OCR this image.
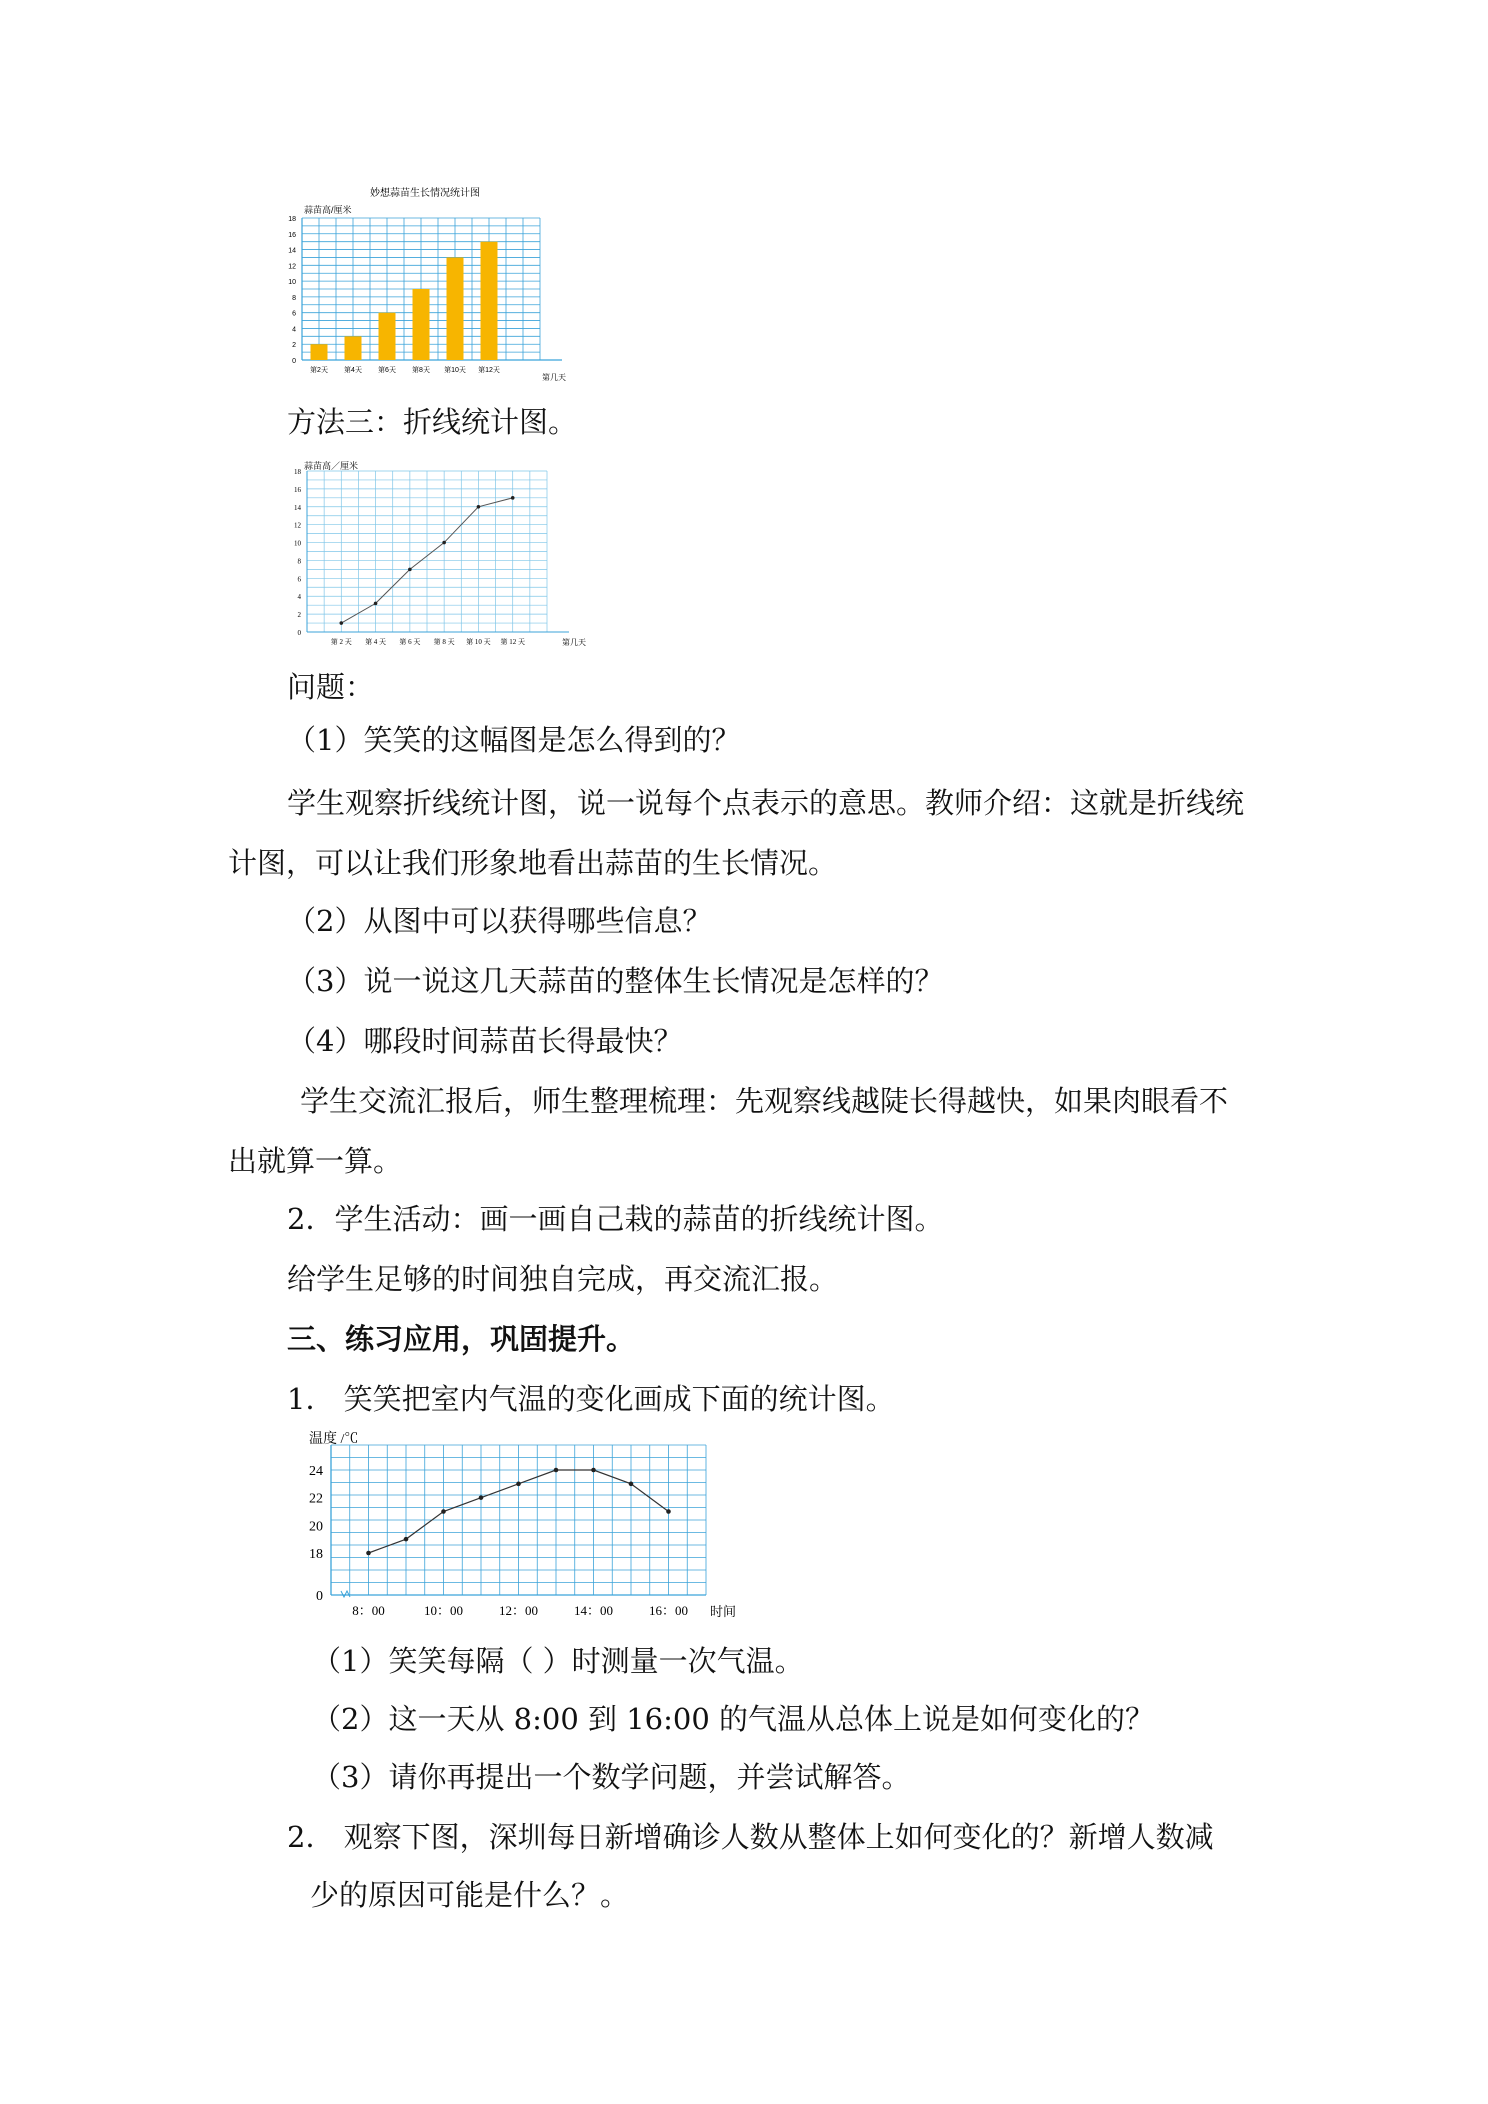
妙想蒜苗生长情况统计图
蒜苗高/厘米
第几天
0
2
4
6
8
10
12
14
16
18
第2天 第4天 第6天 第8天 第10天 第12天
方法三：折线统计图。
蒜苗高／厘米
第几天
0
2
4
6
8
10
12
14
16
18
第 2 天 第 4 天 第 6 天 第 8 天 第 10 天 第 12 天
问题：
（1）笑笑的这幅图是怎么得到的？
学生观察折线统计图，说一说每个点表示的意思。教师介绍：这就是折线统
计图，可以让我们形象地看出蒜苗的生长情况。
（2）从图中可以获得哪些信息？
（3）说一说这几天蒜苗的整体生长情况是怎样的？
（4）哪段时间蒜苗长得最快？
学生交流汇报后，师生整理梳理：先观察线越陡长得越快，如果肉眼看不
出就算一算。
2．学生活动：画一画自己栽的蒜苗的折线统计图。
给学生足够的时间独自完成，再交流汇报。
三、练习应用，巩固提升。
1． 笑笑把室内气温的变化画成下面的统计图。
温度 /℃
时间
0
18
20
22
24
8：00	10：00	12：00	14：00	16：00
（1）笑笑每隔（ ）时测量一次气温。
（2）这一天从 8:00 到 16:00 的气温从总体上说是如何变化的？
（3）请你再提出一个数学问题，并尝试解答。
2． 观察下图，深圳每日新增确诊人数从整体上如何变化的？新增人数减
少的原因可能是什么？。
